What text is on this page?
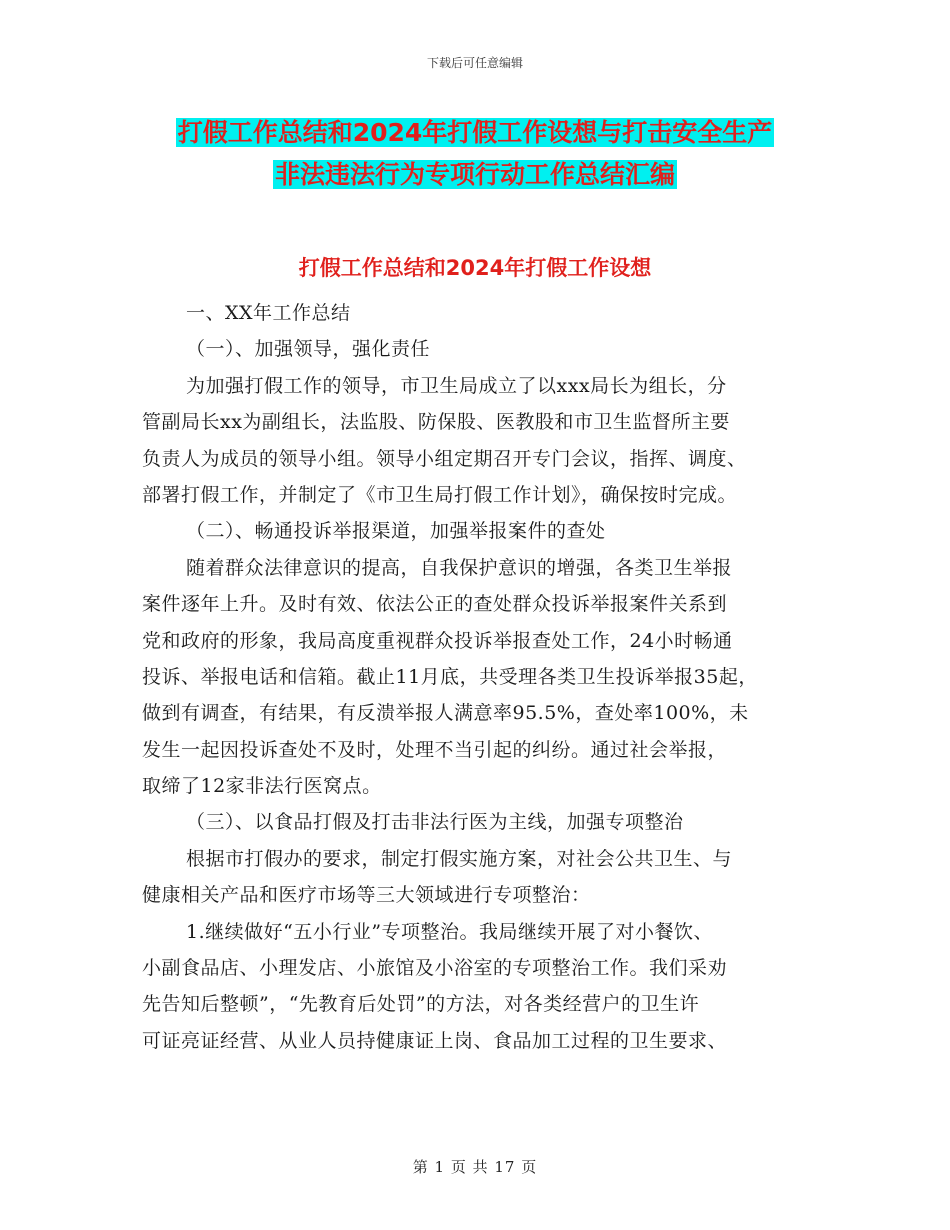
下载后可任意编辑
打假工作总结和2024年打假工作设想与打击安全生产
非法违法行为专项行动工作总结汇编
打假工作总结和2024年打假工作设想
一、XX年工作总结
（一）、加强领导，强化责任
为加强打假工作的领导，市卫生局成立了以xxx局长为组长，分
管副局长xx为副组长，法监股、防保股、医教股和市卫生监督所主要
负责人为成员的领导小组。领导小组定期召开专门会议，指挥、调度、
部署打假工作，并制定了《市卫生局打假工作计划》，确保按时完成。
（二）、畅通投诉举报渠道，加强举报案件的查处
随着群众法律意识的提高，自我保护意识的增强，各类卫生举报
案件逐年上升。及时有效、依法公正的查处群众投诉举报案件关系到
党和政府的形象，我局高度重视群众投诉举报查处工作，24小时畅通
投诉、举报电话和信箱。截止11月底，共受理各类卫生投诉举报35起，
做到有调查，有结果，有反溃举报人满意率95.5%，查处率100%，未
发生一起因投诉查处不及时，处理不当引起的纠纷。通过社会举报，
取缔了12家非法行医窝点。
（三）、以食品打假及打击非法行医为主线，加强专项整治
根据市打假办的要求，制定打假实施方案，对社会公共卫生、与
健康相关产品和医疗市场等三大领域进行专项整治：
1.继续做好“五小行业”专项整治。我局继续开展了对小餐饮、
小副食品店、小理发店、小旅馆及小浴室的专项整治工作。我们采劝
先告知后整顿”，“先教育后处罚”的方法，对各类经营户的卫生许
可证亮证经营、从业人员持健康证上岗、食品加工过程的卫生要求、
第 1 页 共 17 页
